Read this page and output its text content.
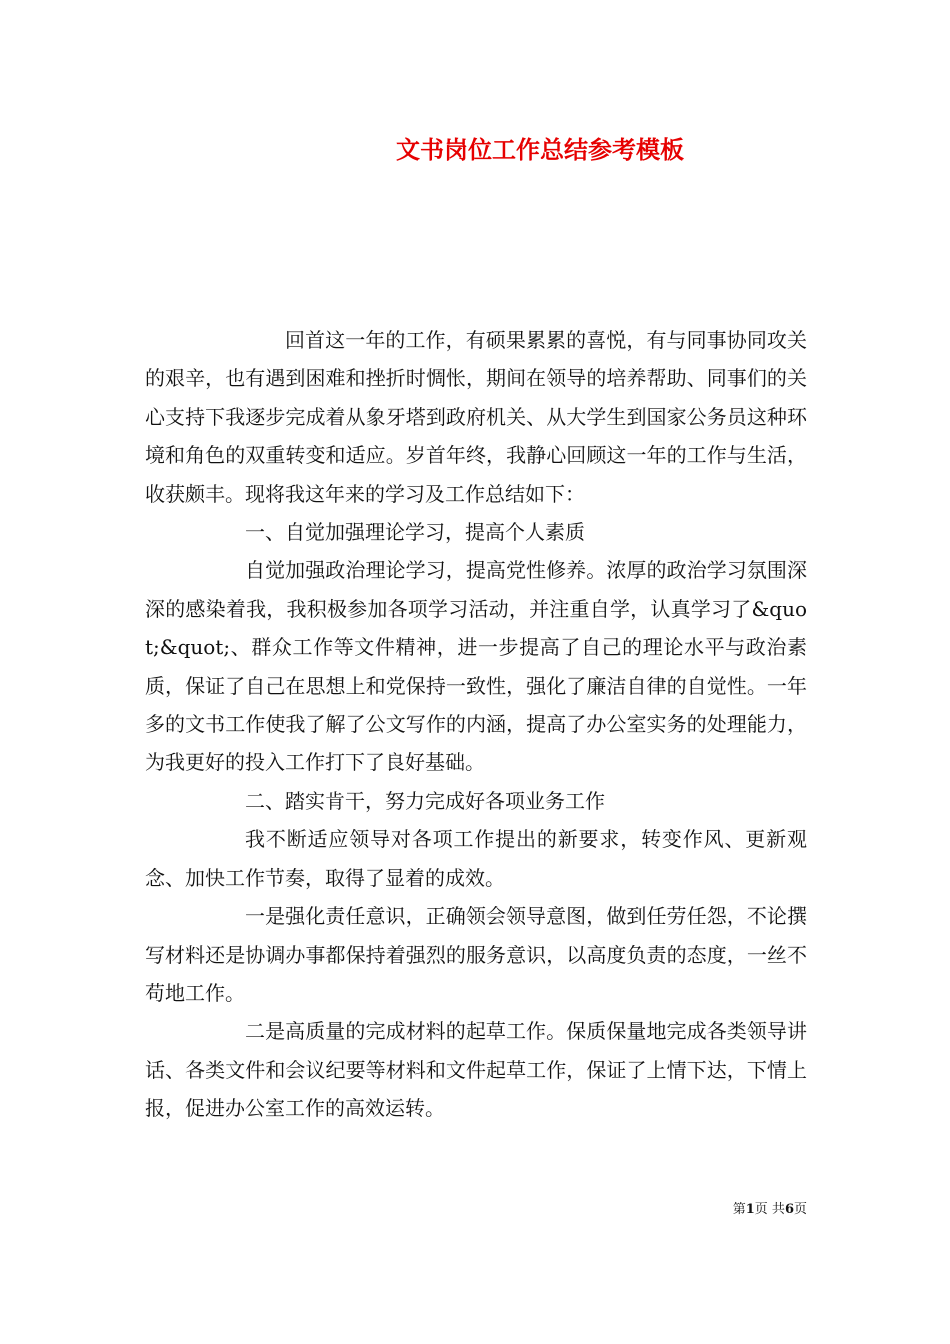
文书岗位工作总结参考模板

回首这一年的工作，有硕果累累的喜悦，有与同事协同攻关的艰辛，也有遇到困难和挫折时惆怅，期间在领导的培养帮助、同事们的关心支持下我逐步完成着从象牙塔到政府机关、从大学生到国家公务员这种环境和角色的双重转变和适应。岁首年终，我静心回顾这一年的工作与生活，收获颇丰。现将我这年来的学习及工作总结如下：

一、自觉加强理论学习，提高个人素质

自觉加强政治理论学习，提高党性修养。浓厚的政治学习氛围深深的感染着我，我积极参加各项学习活动，并注重自学，认真学习了&quot;&quot;、群众工作等文件精神，进一步提高了自己的理论水平与政治素质，保证了自己在思想上和党保持一致性，强化了廉洁自律的自觉性。一年多的文书工作使我了解了公文写作的内涵，提高了办公室实务的处理能力，为我更好的投入工作打下了良好基础。

二、踏实肯干，努力完成好各项业务工作

我不断适应领导对各项工作提出的新要求，转变作风、更新观念、加快工作节奏，取得了显着的成效。

一是强化责任意识，正确领会领导意图，做到任劳任怨，不论撰写材料还是协调办事都保持着强烈的服务意识，以高度负责的态度，一丝不苟地工作。

二是高质量的完成材料的起草工作。保质保量地完成各类领导讲话、各类文件和会议纪要等材料和文件起草工作，保证了上情下达，下情上报，促进办公室工作的高效运转。

第1页 共6页
